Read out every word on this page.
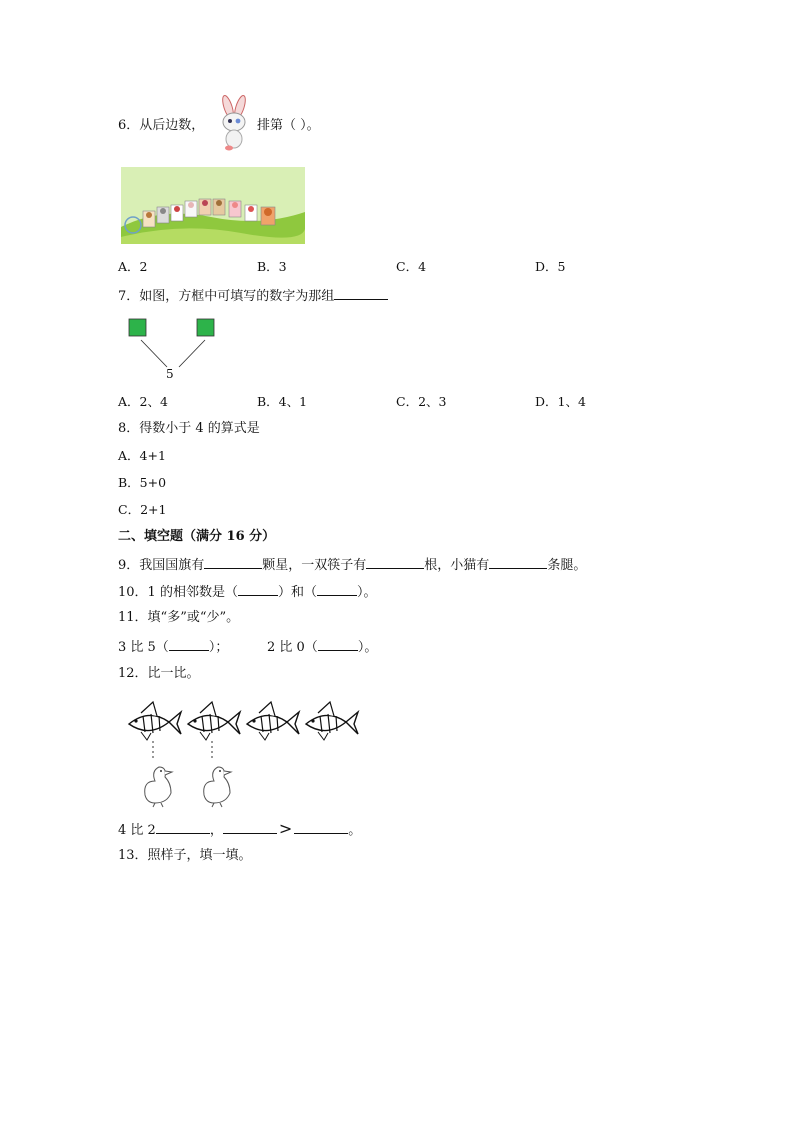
6．从后边数，	排第（ ）。
A．2	B．3	C．4	D．5
7．如图，方框中可填写的数字为那组
5
A．2、4	B．4、1	C．2、3	D．1、4
8．得数小于 4 的算式是
A．4+1
B．5+0
C．2+1
二、填空题（满分 16 分）
9．我国国旗有	颗星，一双筷子有	根，小猫有	条腿。
10．1 的相邻数是（	）和（	）。
11．填“多”或“少”。
3 比 5（	）；	2 比 0（	）。
12．比一比。
4 比 2	，	>	。
13．照样子，填一填。
